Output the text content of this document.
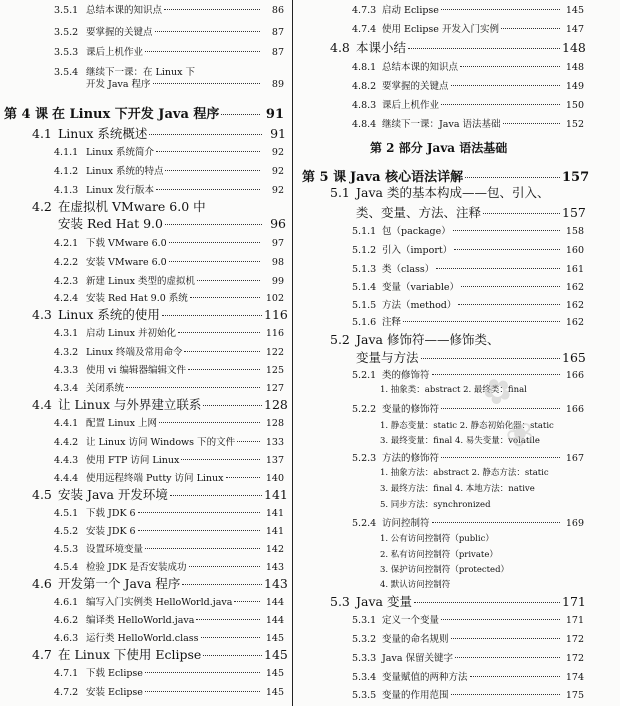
3.5.1 总结本课的知识点	86
3.5.2 要掌握的关键点	87
3.5.3 课后上机作业	87
3.5.4 继续下一课：在 Linux 下
开发 Java 程序	89
第 4 课 在 Linux 下开发 Java 程序	91
4.1 Linux 系统概述	91
4.1.1 Linux 系统简介	92
4.1.2 Linux 系统的特点	92
4.1.3 Linux 发行版本	92
4.2 在虚拟机 VMware 6.0 中
安装 Red Hat 9.0	96
4.2.1 下载 VMware 6.0	97
4.2.2 安装 VMware 6.0	98
4.2.3 新建 Linux 类型的虚拟机	99
4.2.4 安装 Red Hat 9.0 系统	102
4.3 Linux 系统的使用	116
4.3.1 启动 Linux 并初始化	116
4.3.2 Linux 终端及常用命令	122
4.3.3 使用 vi 编辑器编辑文件	125
4.3.4 关闭系统	127
4.4 让 Linux 与外界建立联系	128
4.4.1 配置 Linux 上网	128
4.4.2 让 Linux 访问 Windows 下的文件	133
4.4.3 使用 FTP 访问 Linux	137
4.4.4 使用远程终端 Putty 访问 Linux	140
4.5 安装 Java 开发环境	141
4.5.1 下载 JDK 6	141
4.5.2 安装 JDK 6	141
4.5.3 设置环境变量	142
4.5.4 检验 JDK 是否安装成功	143
4.6 开发第一个 Java 程序	143
4.6.1 编写入门实例类 HelloWorld.java	144
4.6.2 编译类 HelloWorld.java	144
4.6.3 运行类 HelloWorld.class	145
4.7 在 Linux 下使用 Eclipse	145
4.7.1 下载 Eclipse	145
4.7.2 安装 Eclipse	145
4.7.3 启动 Eclipse	145
4.7.4 使用 Eclipse 开发入门实例	147
4.8 本课小结	148
4.8.1 总结本课的知识点	148
4.8.2 要掌握的关键点	149
4.8.3 课后上机作业	150
4.8.4 继续下一课：Java 语法基础	152
第 2 部分 Java 语法基础
第 5 课 Java 核心语法详解	157
5.1 Java 类的基本构成——包、引入、
类、变量、方法、注释	157
5.1.1 包（package）	158
5.1.2 引入（import）	160
5.1.3 类（class）	161
5.1.4 变量（variable）	162
5.1.5 方法（method）	162
5.1.6 注释	162
5.2 Java 修饰符——修饰类、
变量与方法	165
5.2.1 类的修饰符	166
1. 抽象类：abstract 2. 最终类：final
5.2.2 变量的修饰符	166
1. 静态变量：static 2. 静态初始化器：static
3. 最终变量：final 4. 易失变量：volatile
5.2.3 方法的修饰符	167
1. 抽象方法：abstract 2. 静态方法：static
3. 最终方法：final 4. 本地方法：native
5. 同步方法：synchronized
5.2.4 访问控制符	169
1. 公有访问控制符（public）
2. 私有访问控制符（private）
3. 保护访问控制符（protected）
4. 默认访问控制符
5.3 Java 变量	171
5.3.1 定义一个变量	171
5.3.2 变量的命名规则	172
5.3.3 Java 保留关键字	172
5.3.4 变量赋值的两种方法	174
5.3.5 变量的作用范围	175
✿
❀
